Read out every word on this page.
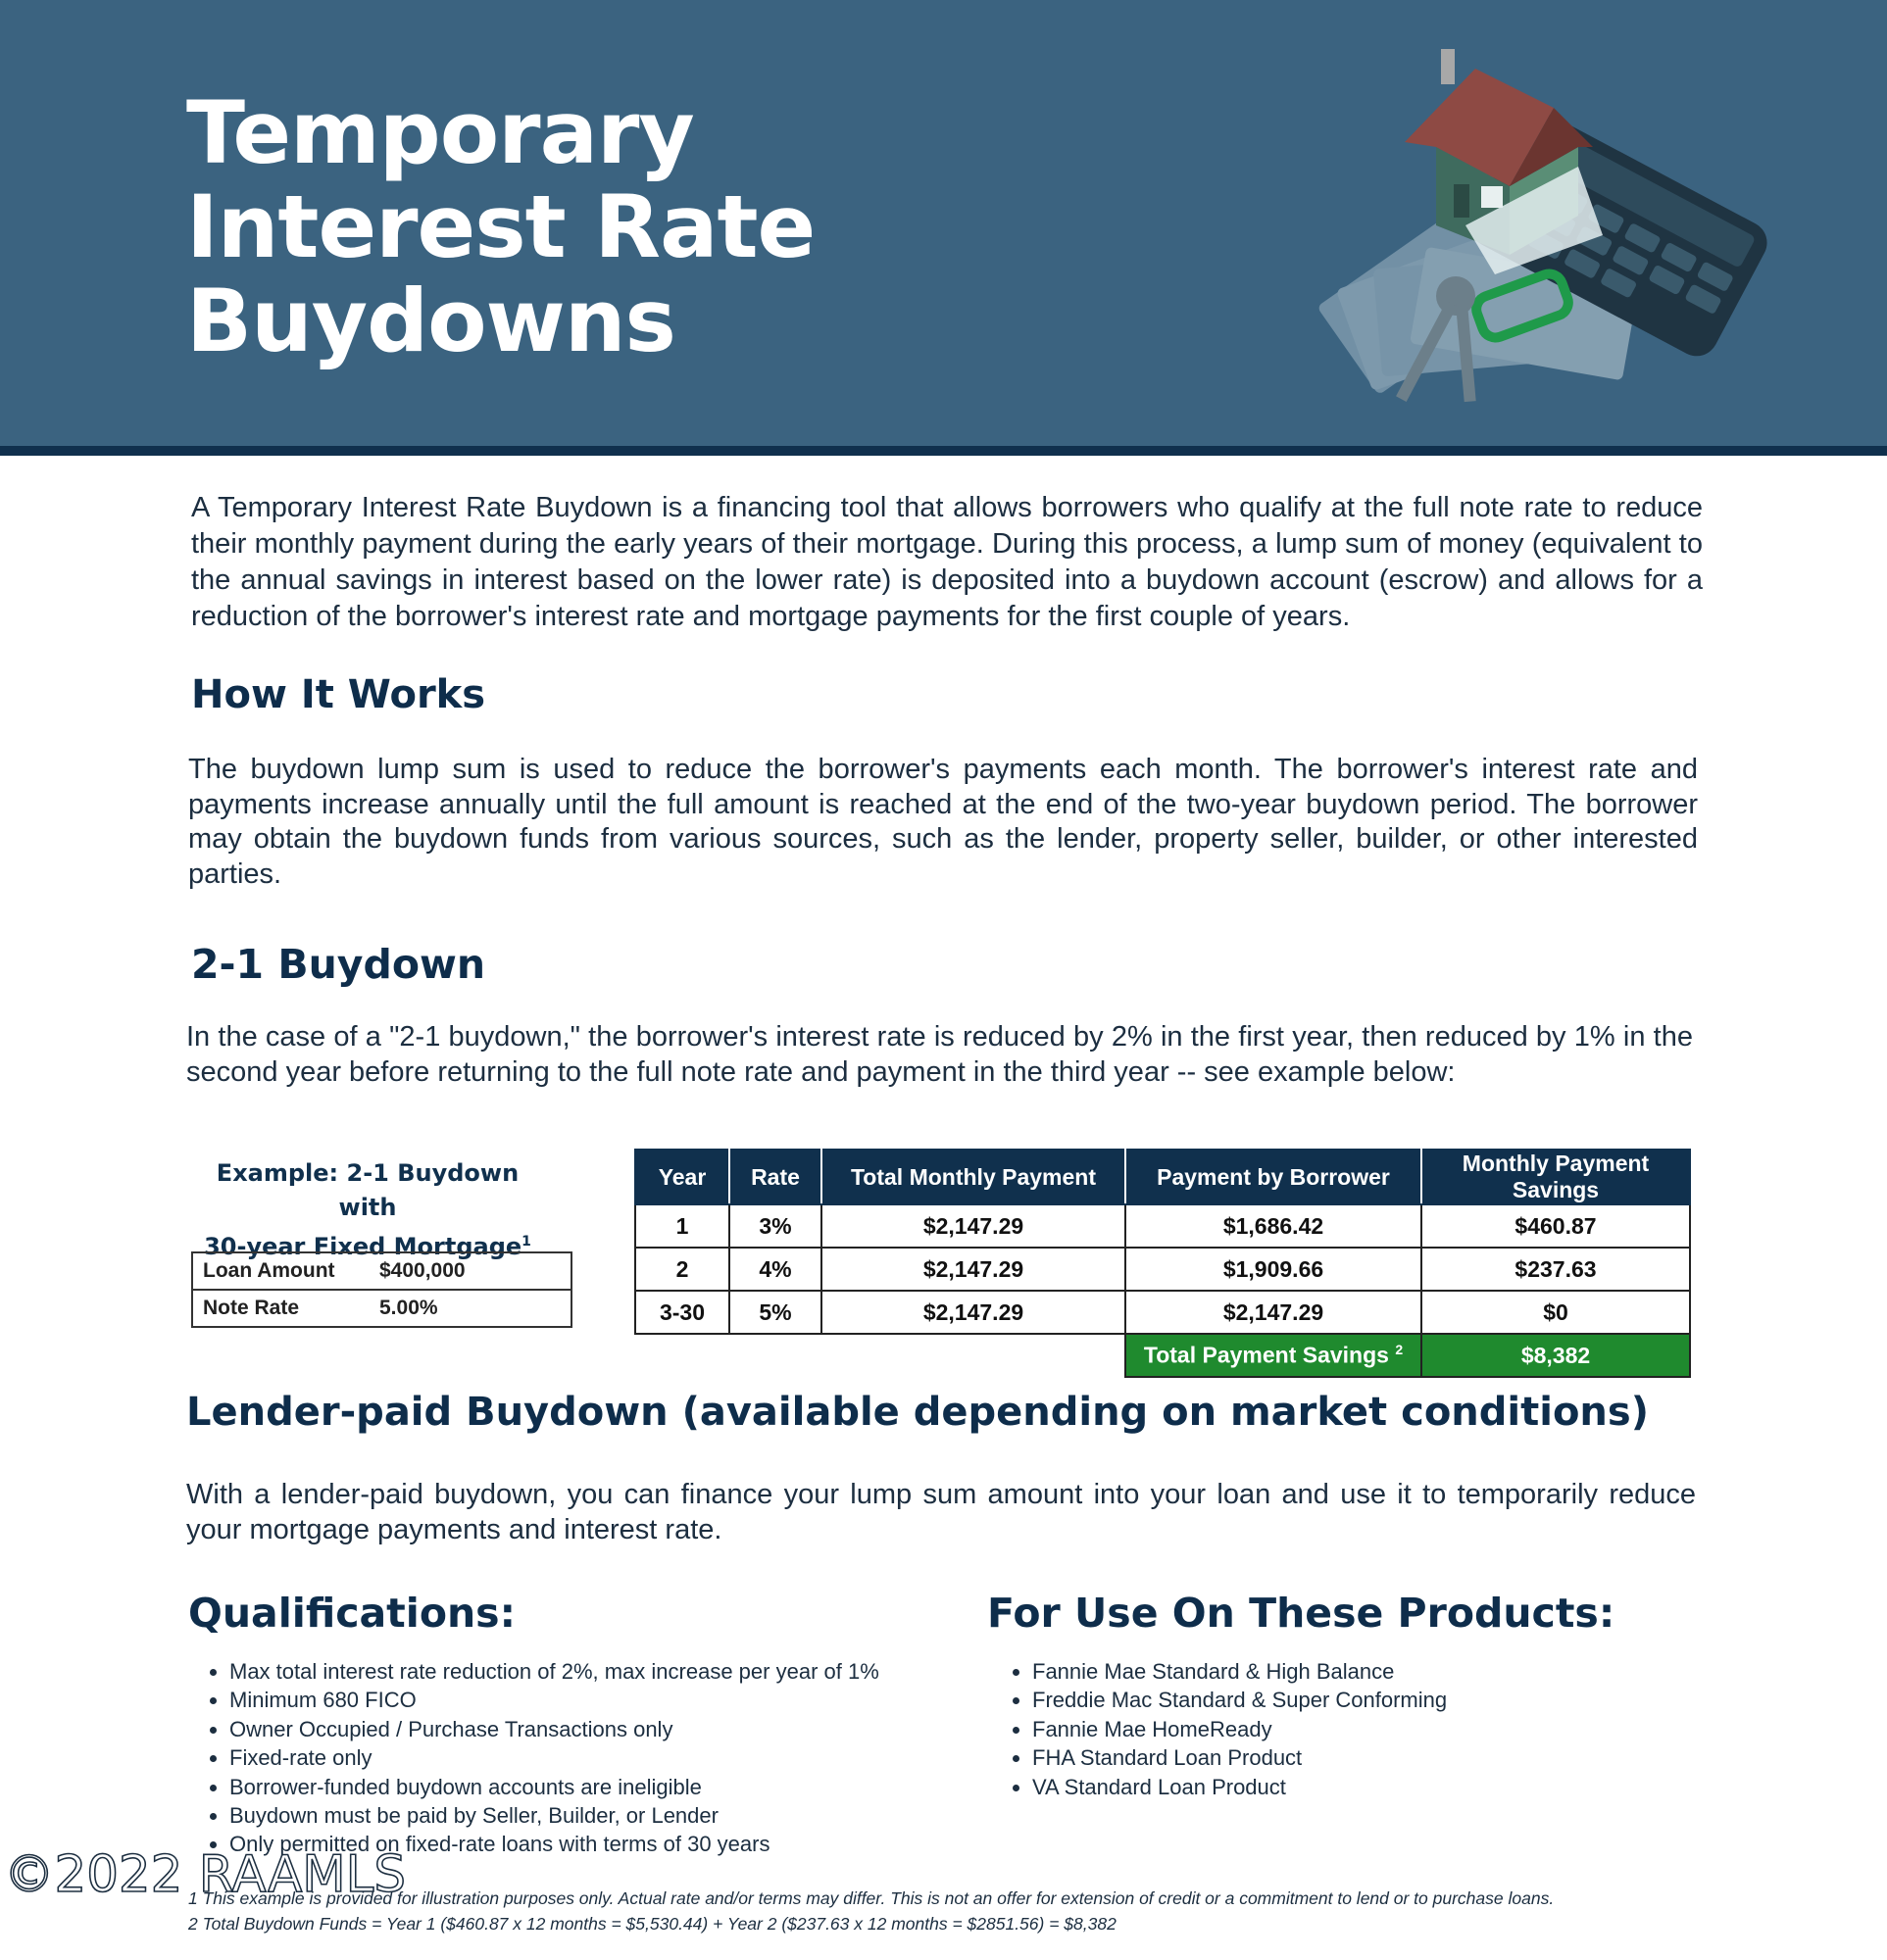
Temporary
Interest Rate
Buydowns

A Temporary Interest Rate Buydown is a financing tool that allows borrowers who qualify at the full note rate to reduce their monthly payment during the early years of their mortgage. During this process, a lump sum of money (equivalent to the annual savings in interest based on the lower rate) is deposited into a buydown account (escrow) and allows for a reduction of the borrower's interest rate and mortgage payments for the first couple of years.

How It Works

The buydown lump sum is used to reduce the borrower's payments each month. The borrower's interest rate and payments increase annually until the full amount is reached at the end of the two-year buydown period. The borrower may obtain the buydown funds from various sources, such as the lender, property seller, builder, or other interested parties.

2-1 Buydown

In the case of a "2-1 buydown," the borrower's interest rate is reduced by 2% in the first year, then reduced by 1% in the second year before returning to the full note rate and payment in the third year -- see example below:

Example: 2-1 Buydown with
30-year Fixed Mortgage$^1$
Loan Amount	$400,000
Note Rate	5.00%
Year	Rate	Total Monthly Payment	Payment by Borrower	Monthly Payment Savings
1	3%	$2,147.29	$1,686.42	$460.87
2	4%	$2,147.29	$1,909.66	$237.63
3-30	5%	$2,147.29	$2,147.29	$0
			Total Payment Savings $^2$	$8,382
Lender-paid Buydown (available depending on market conditions)

With a lender-paid buydown, you can finance your lump sum amount into your loan and use it to temporarily reduce your mortgage payments and interest rate.

Qualifications:
• Max total interest rate reduction of 2%, max increase per year of 1%
• Minimum 680 FICO
• Owner Occupied / Purchase Transactions only
• Fixed-rate only
• Borrower-funded buydown accounts are ineligible
• Buydown must be paid by Seller, Builder, or Lender
• Only permitted on fixed-rate loans with terms of 30 years
For Use On These Products:
• Fannie Mae Standard & High Balance
• Freddie Mac Standard & Super Conforming
• Fannie Mae HomeReady
• FHA Standard Loan Product
• VA Standard Loan Product
©2022 RAAMLS

1 This example is provided for illustration purposes only. Actual rate and/or terms may differ. This is not an offer for extension of credit or a commitment to lend or to purchase loans.

2 Total Buydown Funds = Year 1 ($460.87 x 12 months = $5,530.44) + Year 2 ($237.63 x 12 months = $2851.56) = $8,382
